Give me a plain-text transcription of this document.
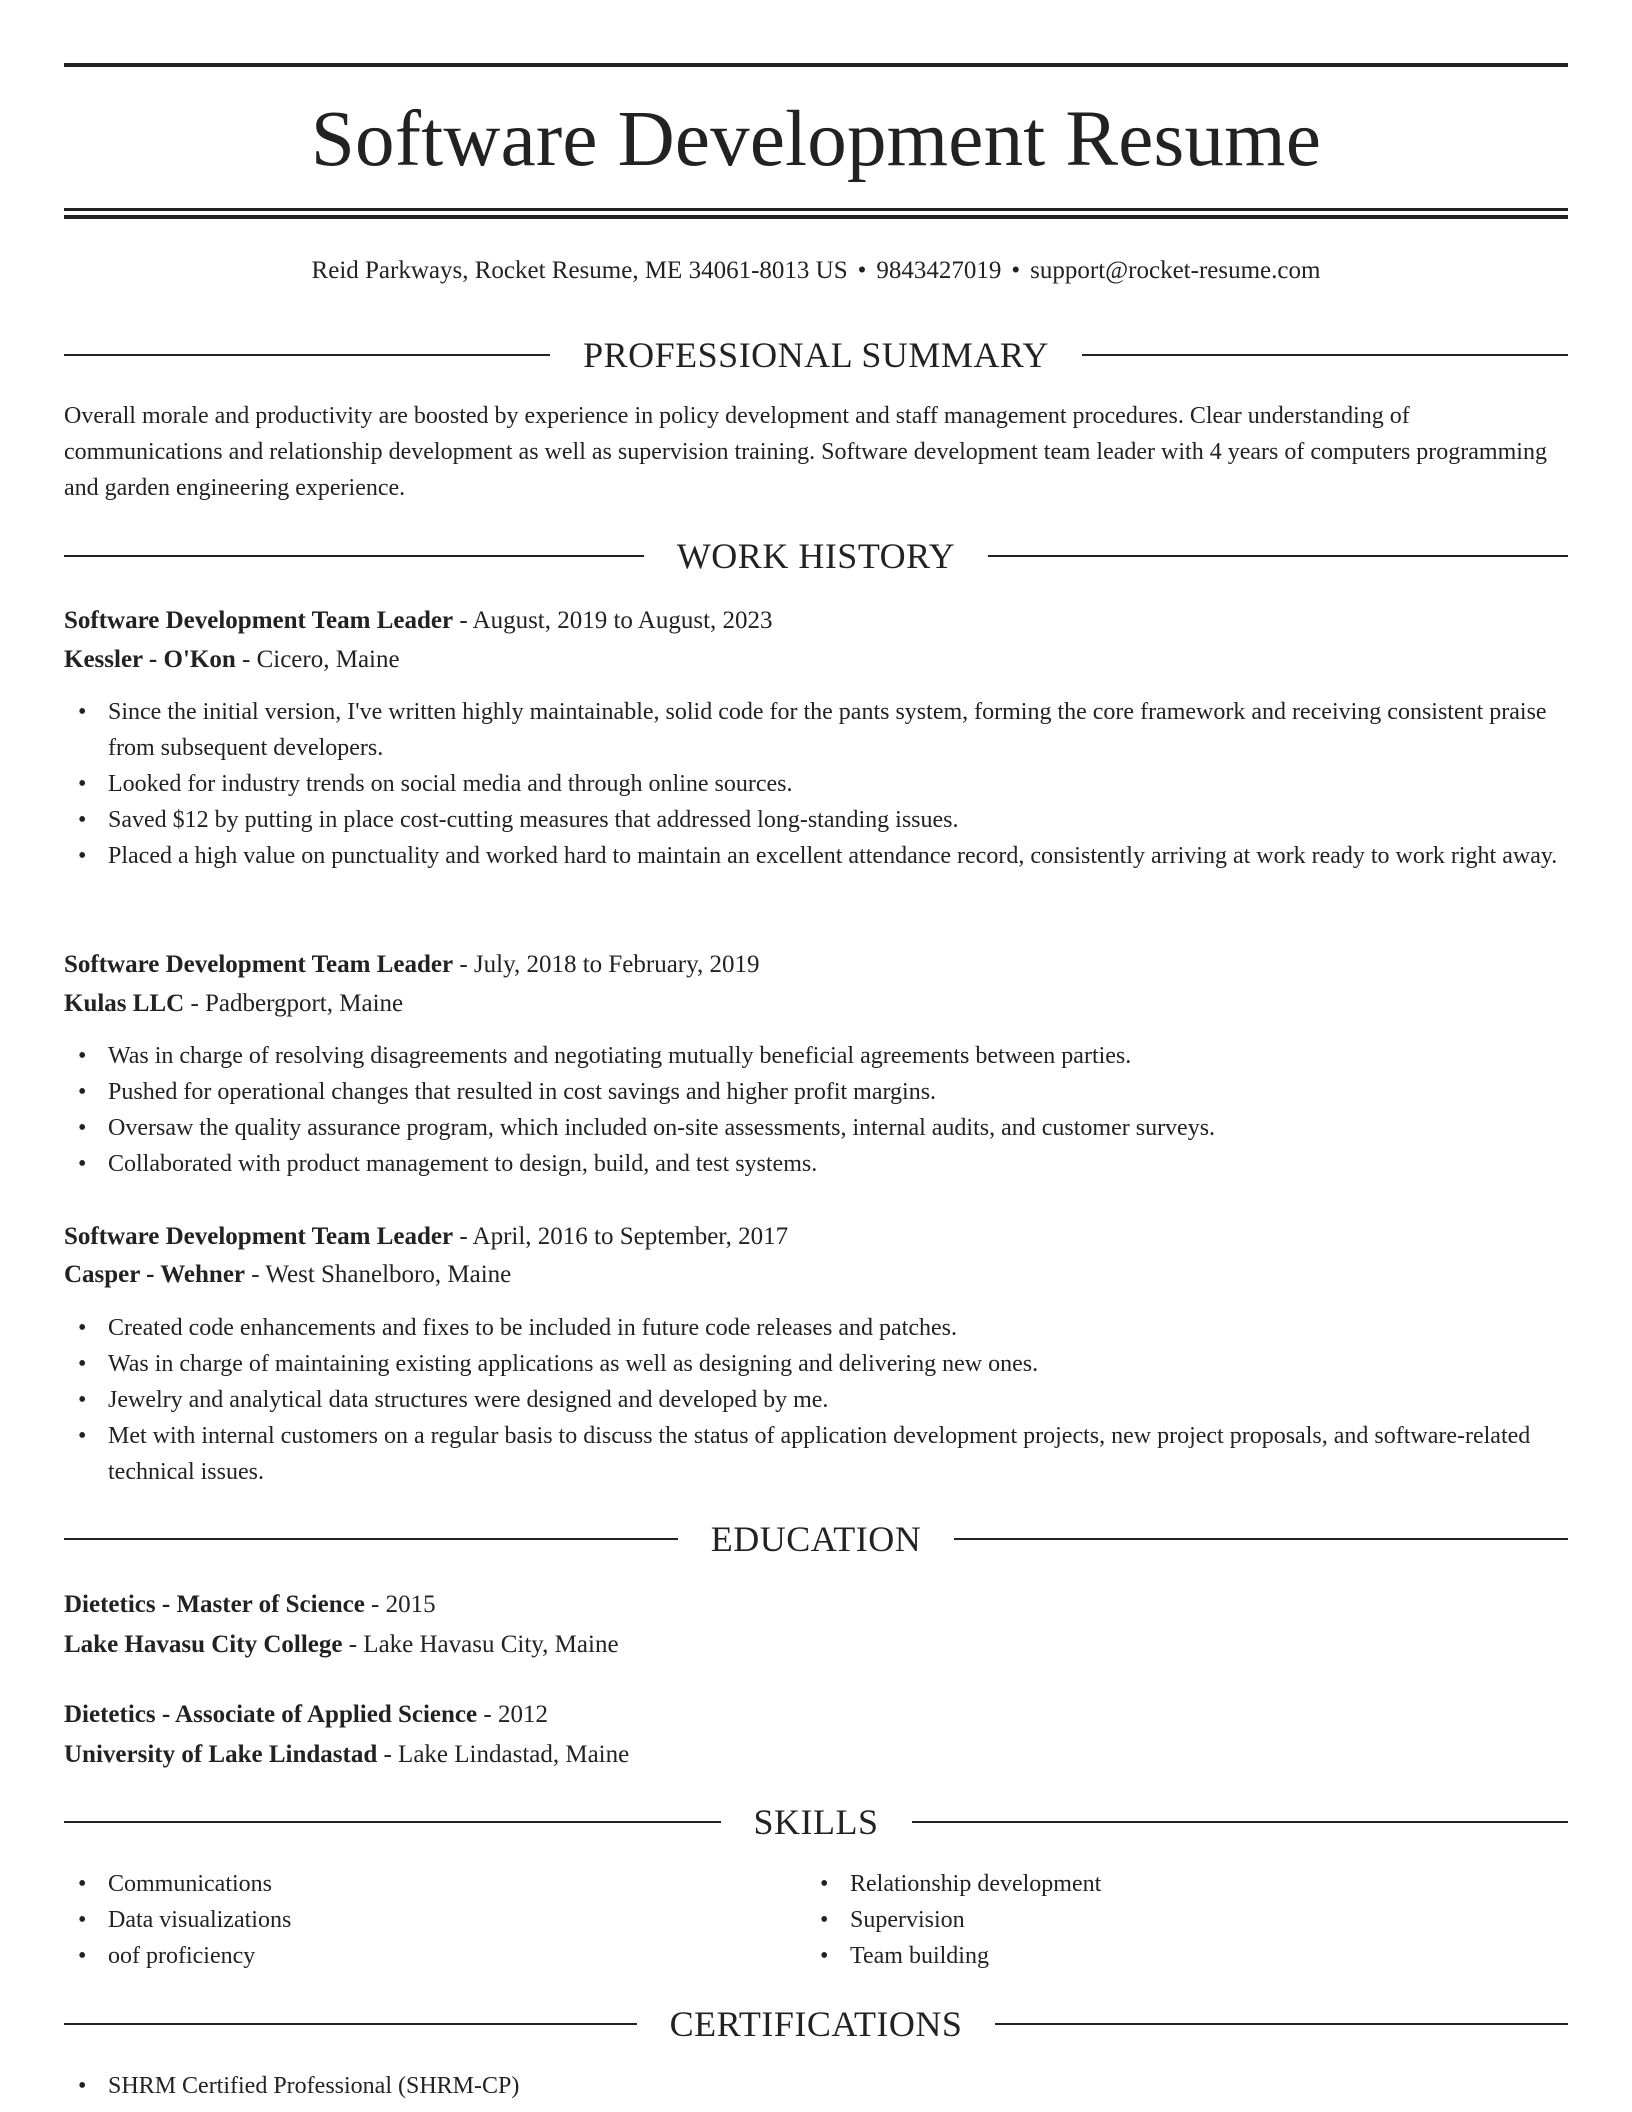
Software Development Resume
Reid Parkways, Rocket Resume, ME 34061-8013 US • 9843427019 • support@rocket-resume.com
PROFESSIONAL SUMMARY

Overall morale and productivity are boosted by experience in policy development and staff management procedures. Clear understanding of communications and relationship development as well as supervision training. Software development team leader with 4 years of computers programming and garden engineering experience.

WORK HISTORY
Software Development Team Leader - August, 2019 to August, 2023
Kessler - O'Kon - Cicero, Maine
• Since the initial version, I've written highly maintainable, solid code for the pants system, forming the core framework and receiving consistent praise from subsequent developers.
• Looked for industry trends on social media and through online sources.
• Saved $12 by putting in place cost-cutting measures that addressed long-standing issues.
• Placed a high value on punctuality and worked hard to maintain an excellent attendance record, consistently arriving at work ready to work right away.
Software Development Team Leader - July, 2018 to February, 2019
Kulas LLC - Padbergport, Maine
• Was in charge of resolving disagreements and negotiating mutually beneficial agreements between parties.
• Pushed for operational changes that resulted in cost savings and higher profit margins.
• Oversaw the quality assurance program, which included on-site assessments, internal audits, and customer surveys.
• Collaborated with product management to design, build, and test systems.
Software Development Team Leader - April, 2016 to September, 2017
Casper - Wehner - West Shanelboro, Maine
• Created code enhancements and fixes to be included in future code releases and patches.
• Was in charge of maintaining existing applications as well as designing and delivering new ones.
• Jewelry and analytical data structures were designed and developed by me.
• Met with internal customers on a regular basis to discuss the status of application development projects, new project proposals, and software-related technical issues.
EDUCATION
Dietetics - Master of Science - 2015
Lake Havasu City College - Lake Havasu City, Maine
Dietetics - Associate of Applied Science - 2012
University of Lake Lindastad - Lake Lindastad, Maine
SKILLS
• Communications
• Data visualizations
• oof proficiency
• Relationship development
• Supervision
• Team building
CERTIFICATIONS
• SHRM Certified Professional (SHRM-CP)
